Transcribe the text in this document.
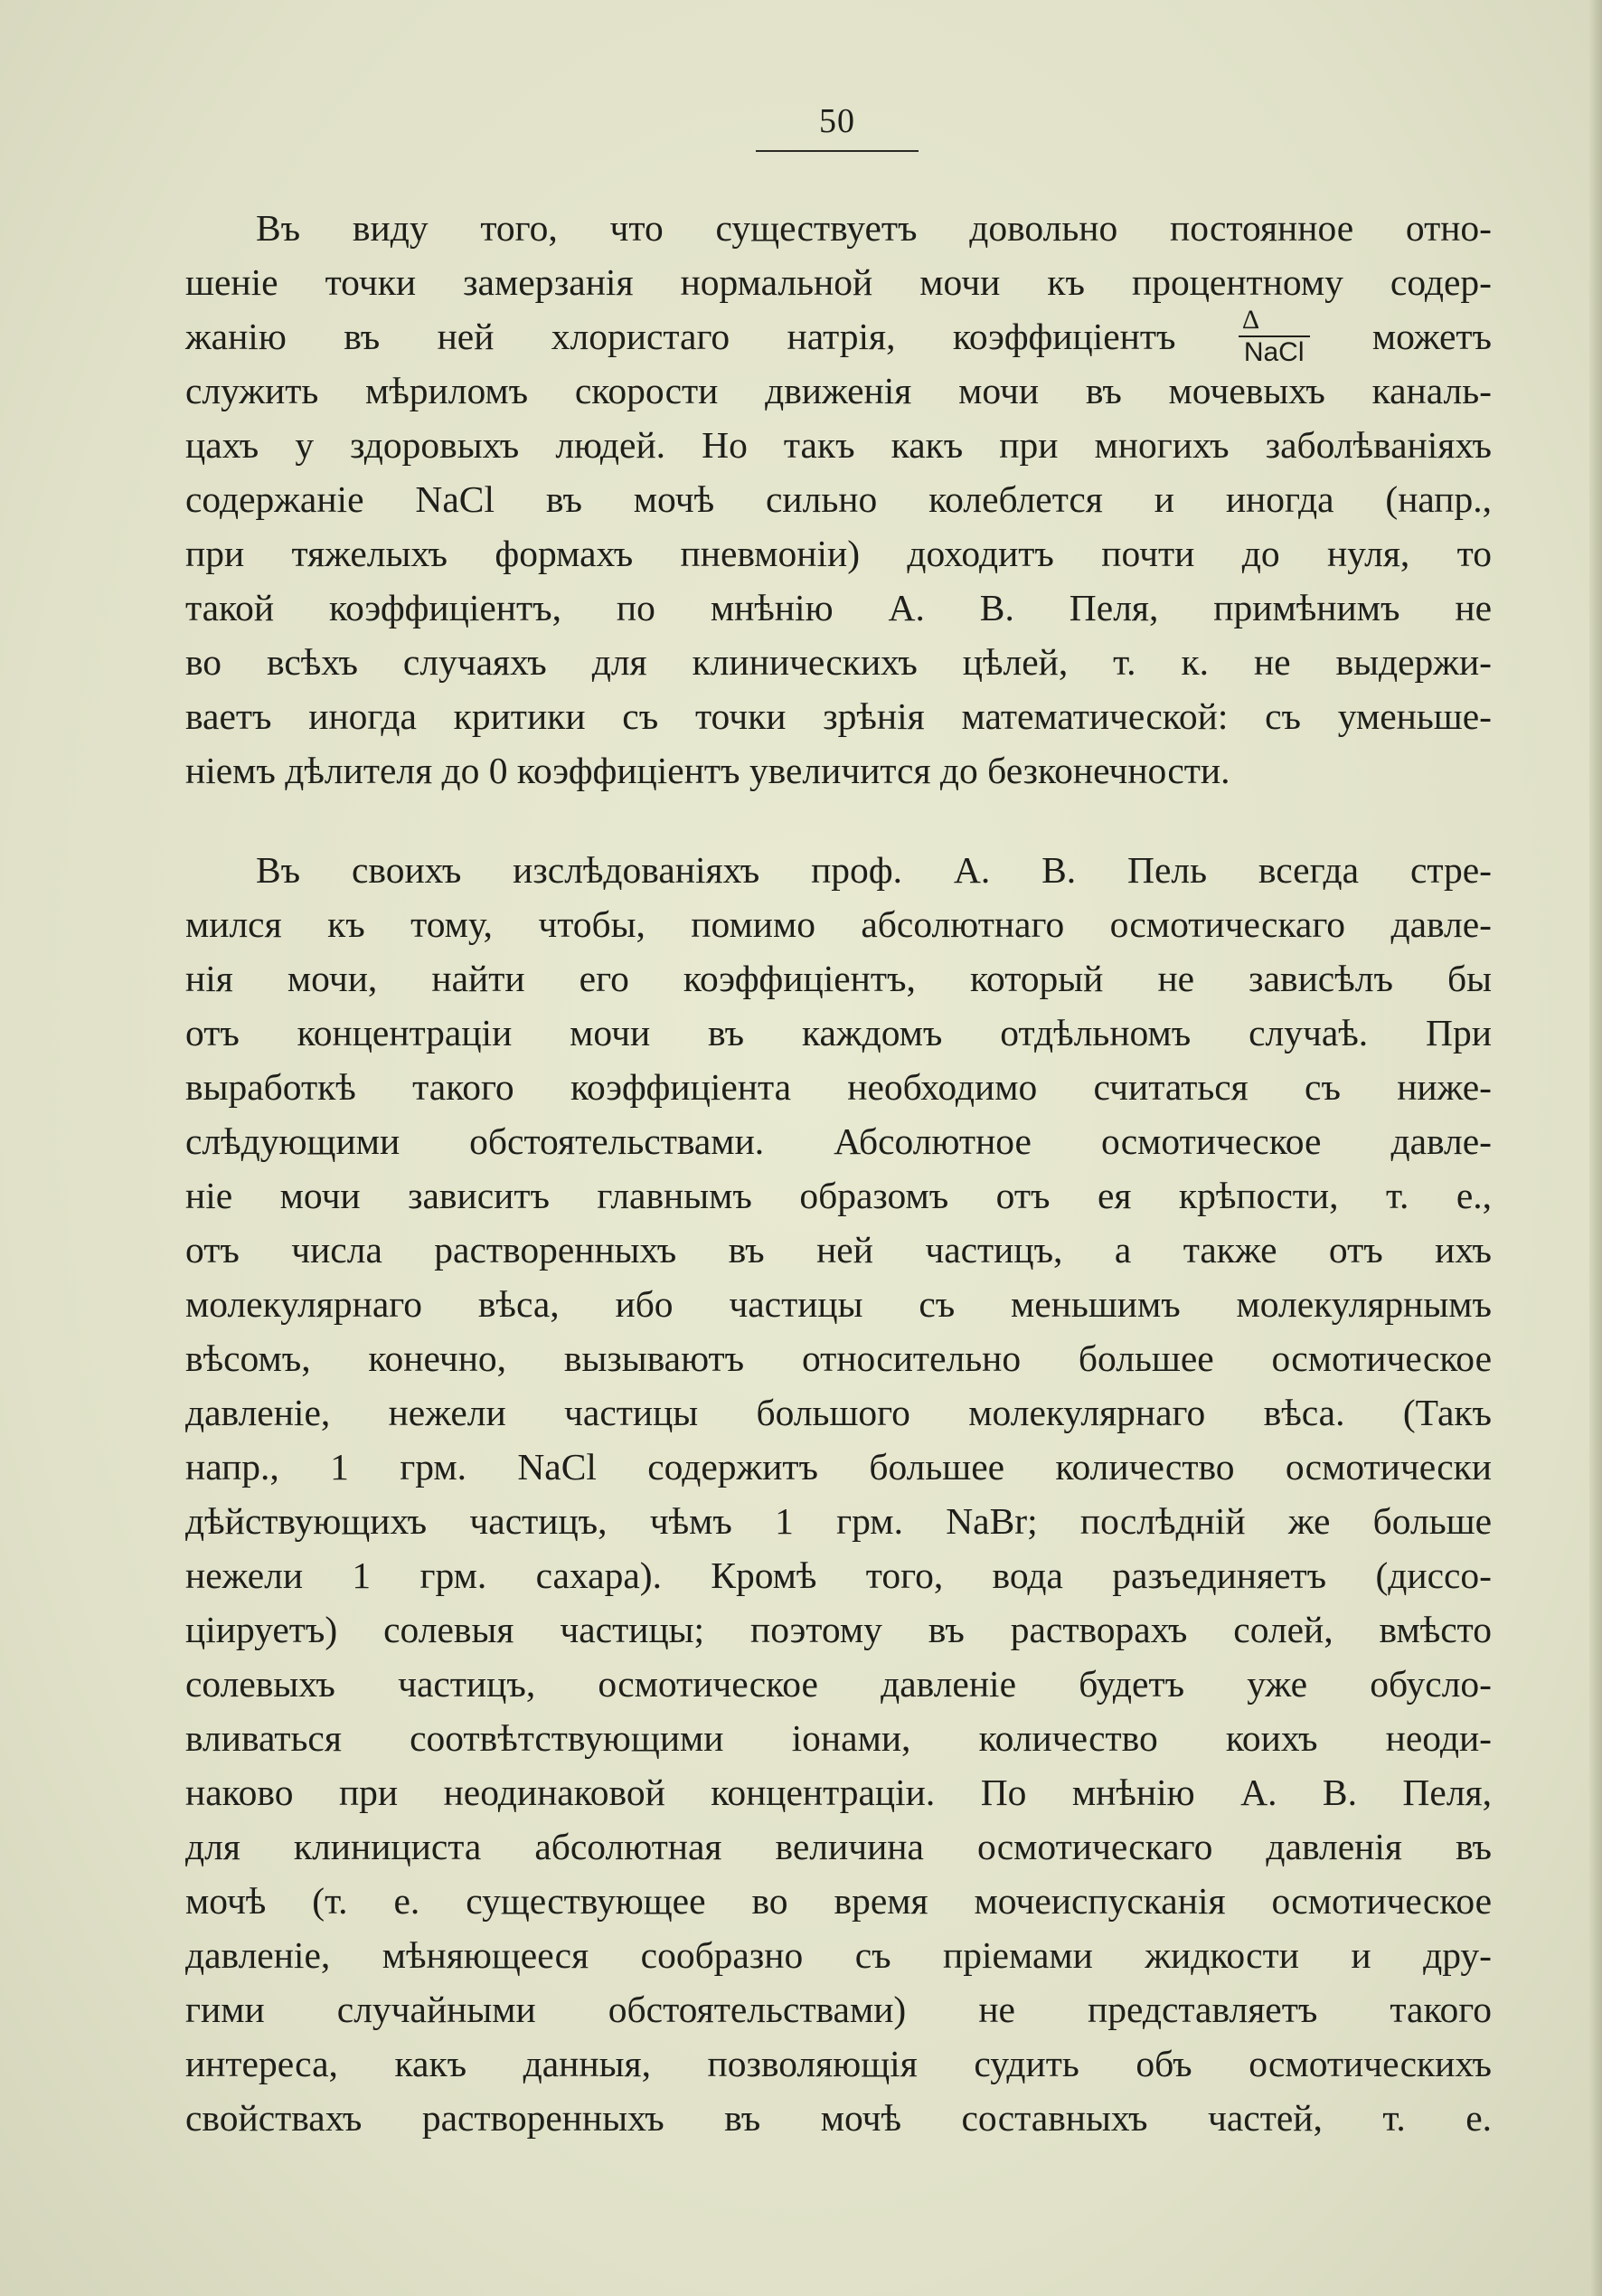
50
Въ виду того, что существуетъ довольно постоянное отно-
шеніе точки замерзанія нормальной мочи къ процентному содер-
жанію въ ней хлористаго натрія, коэффиціентъ $\frac{\Delta}{\text{NaCl}}$ можетъ
служить мѣриломъ скорости движенія мочи въ мочевыхъ каналь-
цахъ у здоровыхъ людей. Но такъ какъ при многихъ заболѣваніяхъ
содержаніе NaCl въ мочѣ сильно колеблется и иногда (напр.,
при тяжелыхъ формахъ пневмоніи) доходитъ почти до нуля, то
такой коэффиціентъ, по мнѣнію А. В. Пеля, примѣнимъ не
во всѣхъ случаяхъ для клиническихъ цѣлей, т. к. не выдержи-
ваетъ иногда критики съ точки зрѣнія математической: съ уменьше-
ніемъ дѣлителя до 0 коэффиціентъ увеличится до безконечности.
Въ своихъ изслѣдованіяхъ проф. А. В. Пель всегда стре-
мился къ тому, чтобы, помимо абсолютнаго осмотическаго давле-
нія мочи, найти его коэффиціентъ, который не зависѣлъ бы
отъ концентраціи мочи въ каждомъ отдѣльномъ случаѣ. При
выработкѣ такого коэффиціента необходимо считаться съ ниже-
слѣдующими обстоятельствами. Абсолютное осмотическое давле-
ніе мочи зависитъ главнымъ образомъ отъ ея крѣпости, т. е.,
отъ числа растворенныхъ въ ней частицъ, а также отъ ихъ
молекулярнаго вѣса, ибо частицы съ меньшимъ молекулярнымъ
вѣсомъ, конечно, вызываютъ относительно большее осмотическое
давленіе, нежели частицы большого молекулярнаго вѣса. (Такъ
напр., 1 грм. NaCl содержитъ большее количество осмотически
дѣйствующихъ частицъ, чѣмъ 1 грм. NaBr; послѣдній же больше
нежели 1 грм. сахара). Кромѣ того, вода разъединяетъ (диссо-
ціируетъ) солевыя частицы; поэтому въ растворахъ солей, вмѣсто
солевыхъ частицъ, осмотическое давленіе будетъ уже обусло-
вливаться соотвѣтствующими іонами, количество коихъ неоди-
наково при неодинаковой концентраціи. По мнѣнію А. В. Пеля,
для клинициста абсолютная величина осмотическаго давленія въ
мочѣ (т. е. существующее во время мочеиспусканія осмотическое
давленіе, мѣняющееся сообразно съ пріемами жидкости и дру-
гими случайными обстоятельствами) не представляетъ такого
интереса, какъ данныя, позволяющія судить объ осмотическихъ
свойствахъ растворенныхъ въ мочѣ составныхъ частей, т. е.
